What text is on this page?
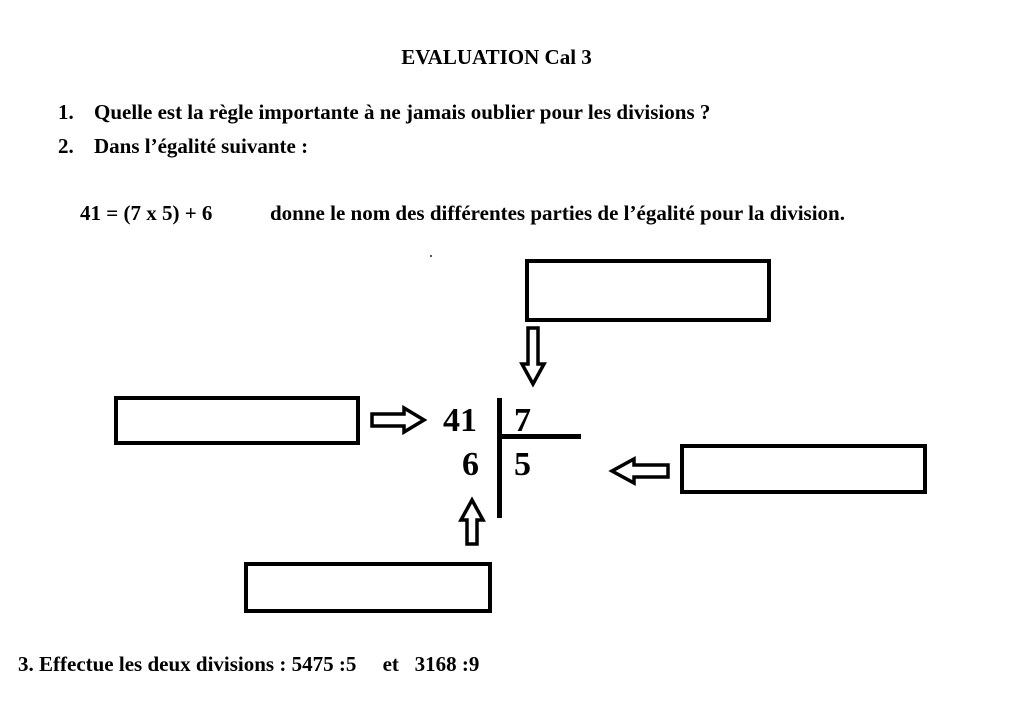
EVALUATION Cal 3
1. Quelle est la règle importante à ne jamais oublier pour les divisions ?
2. Dans l’égalité suivante :
41 = (7 x 5) + 6	donne le nom des différentes parties de l’égalité pour la division.
41 7
6 5
3. Effectue les deux divisions : 5475 :5     et   3168 :9
